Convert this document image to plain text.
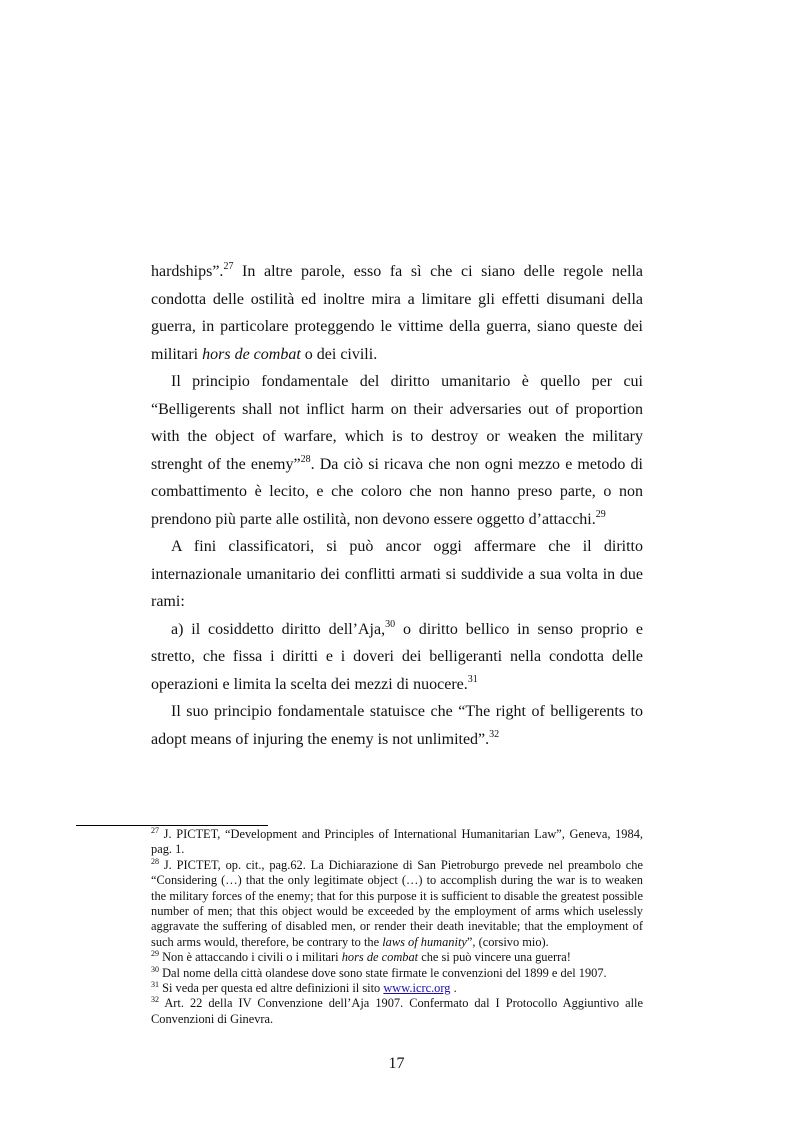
hardships”.$^{27}$ In altre parole, esso fa sì che ci siano delle regole nella condotta delle ostilità ed inoltre mira a limitare gli effetti disumani della guerra, in particolare proteggendo le vittime della guerra, siano queste dei militari hors de combat o dei civili.

Il principio fondamentale del diritto umanitario è quello per cui “Belligerents shall not inflict harm on their adversaries out of proportion with the object of warfare, which is to destroy or weaken the military strenght of the enemy”$^{28}$. Da ciò si ricava che non ogni mezzo e metodo di combattimento è lecito, e che coloro che non hanno preso parte, o non prendono più parte alle ostilità, non devono essere oggetto d’attacchi.$^{29}$

A fini classificatori, si può ancor oggi affermare che il diritto internazionale umanitario dei conflitti armati si suddivide a sua volta in due rami:

a) il cosiddetto diritto dell’Aja,$^{30}$ o diritto bellico in senso proprio e stretto, che fissa i diritti e i doveri dei belligeranti nella condotta delle operazioni e limita la scelta dei mezzi di nuocere.$^{31}$

Il suo principio fondamentale statuisce che “The right of belligerents to adopt means of injuring the enemy is not unlimited”.$^{32}$

$^{27}$ J. PICTET, “Development and Principles of International Humanitarian Law”, Geneva, 1984, pag. 1.

$^{28}$ J. PICTET, op. cit., pag.62. La Dichiarazione di San Pietroburgo prevede nel preambolo che “Considering (…) that the only legitimate object (…) to accomplish during the war is to weaken the military forces of the enemy; that for this purpose it is sufficient to disable the greatest possible number of men; that this object would be exceeded by the employment of arms which uselessly aggravate the suffering of disabled men, or render their death inevitable; that the employment of such arms would, therefore, be contrary to the laws of humanity”, (corsivo mio).

$^{29}$ Non è attaccando i civili o i militari hors de combat che si può vincere una guerra!

$^{30}$ Dal nome della città olandese dove sono state firmate le convenzioni del 1899 e del 1907.

$^{31}$ Si veda per questa ed altre definizioni il sito www.icrc.org .

$^{32}$ Art. 22 della IV Convenzione dell’Aja 1907. Confermato dal I Protocollo Aggiuntivo alle Convenzioni di Ginevra.

17
